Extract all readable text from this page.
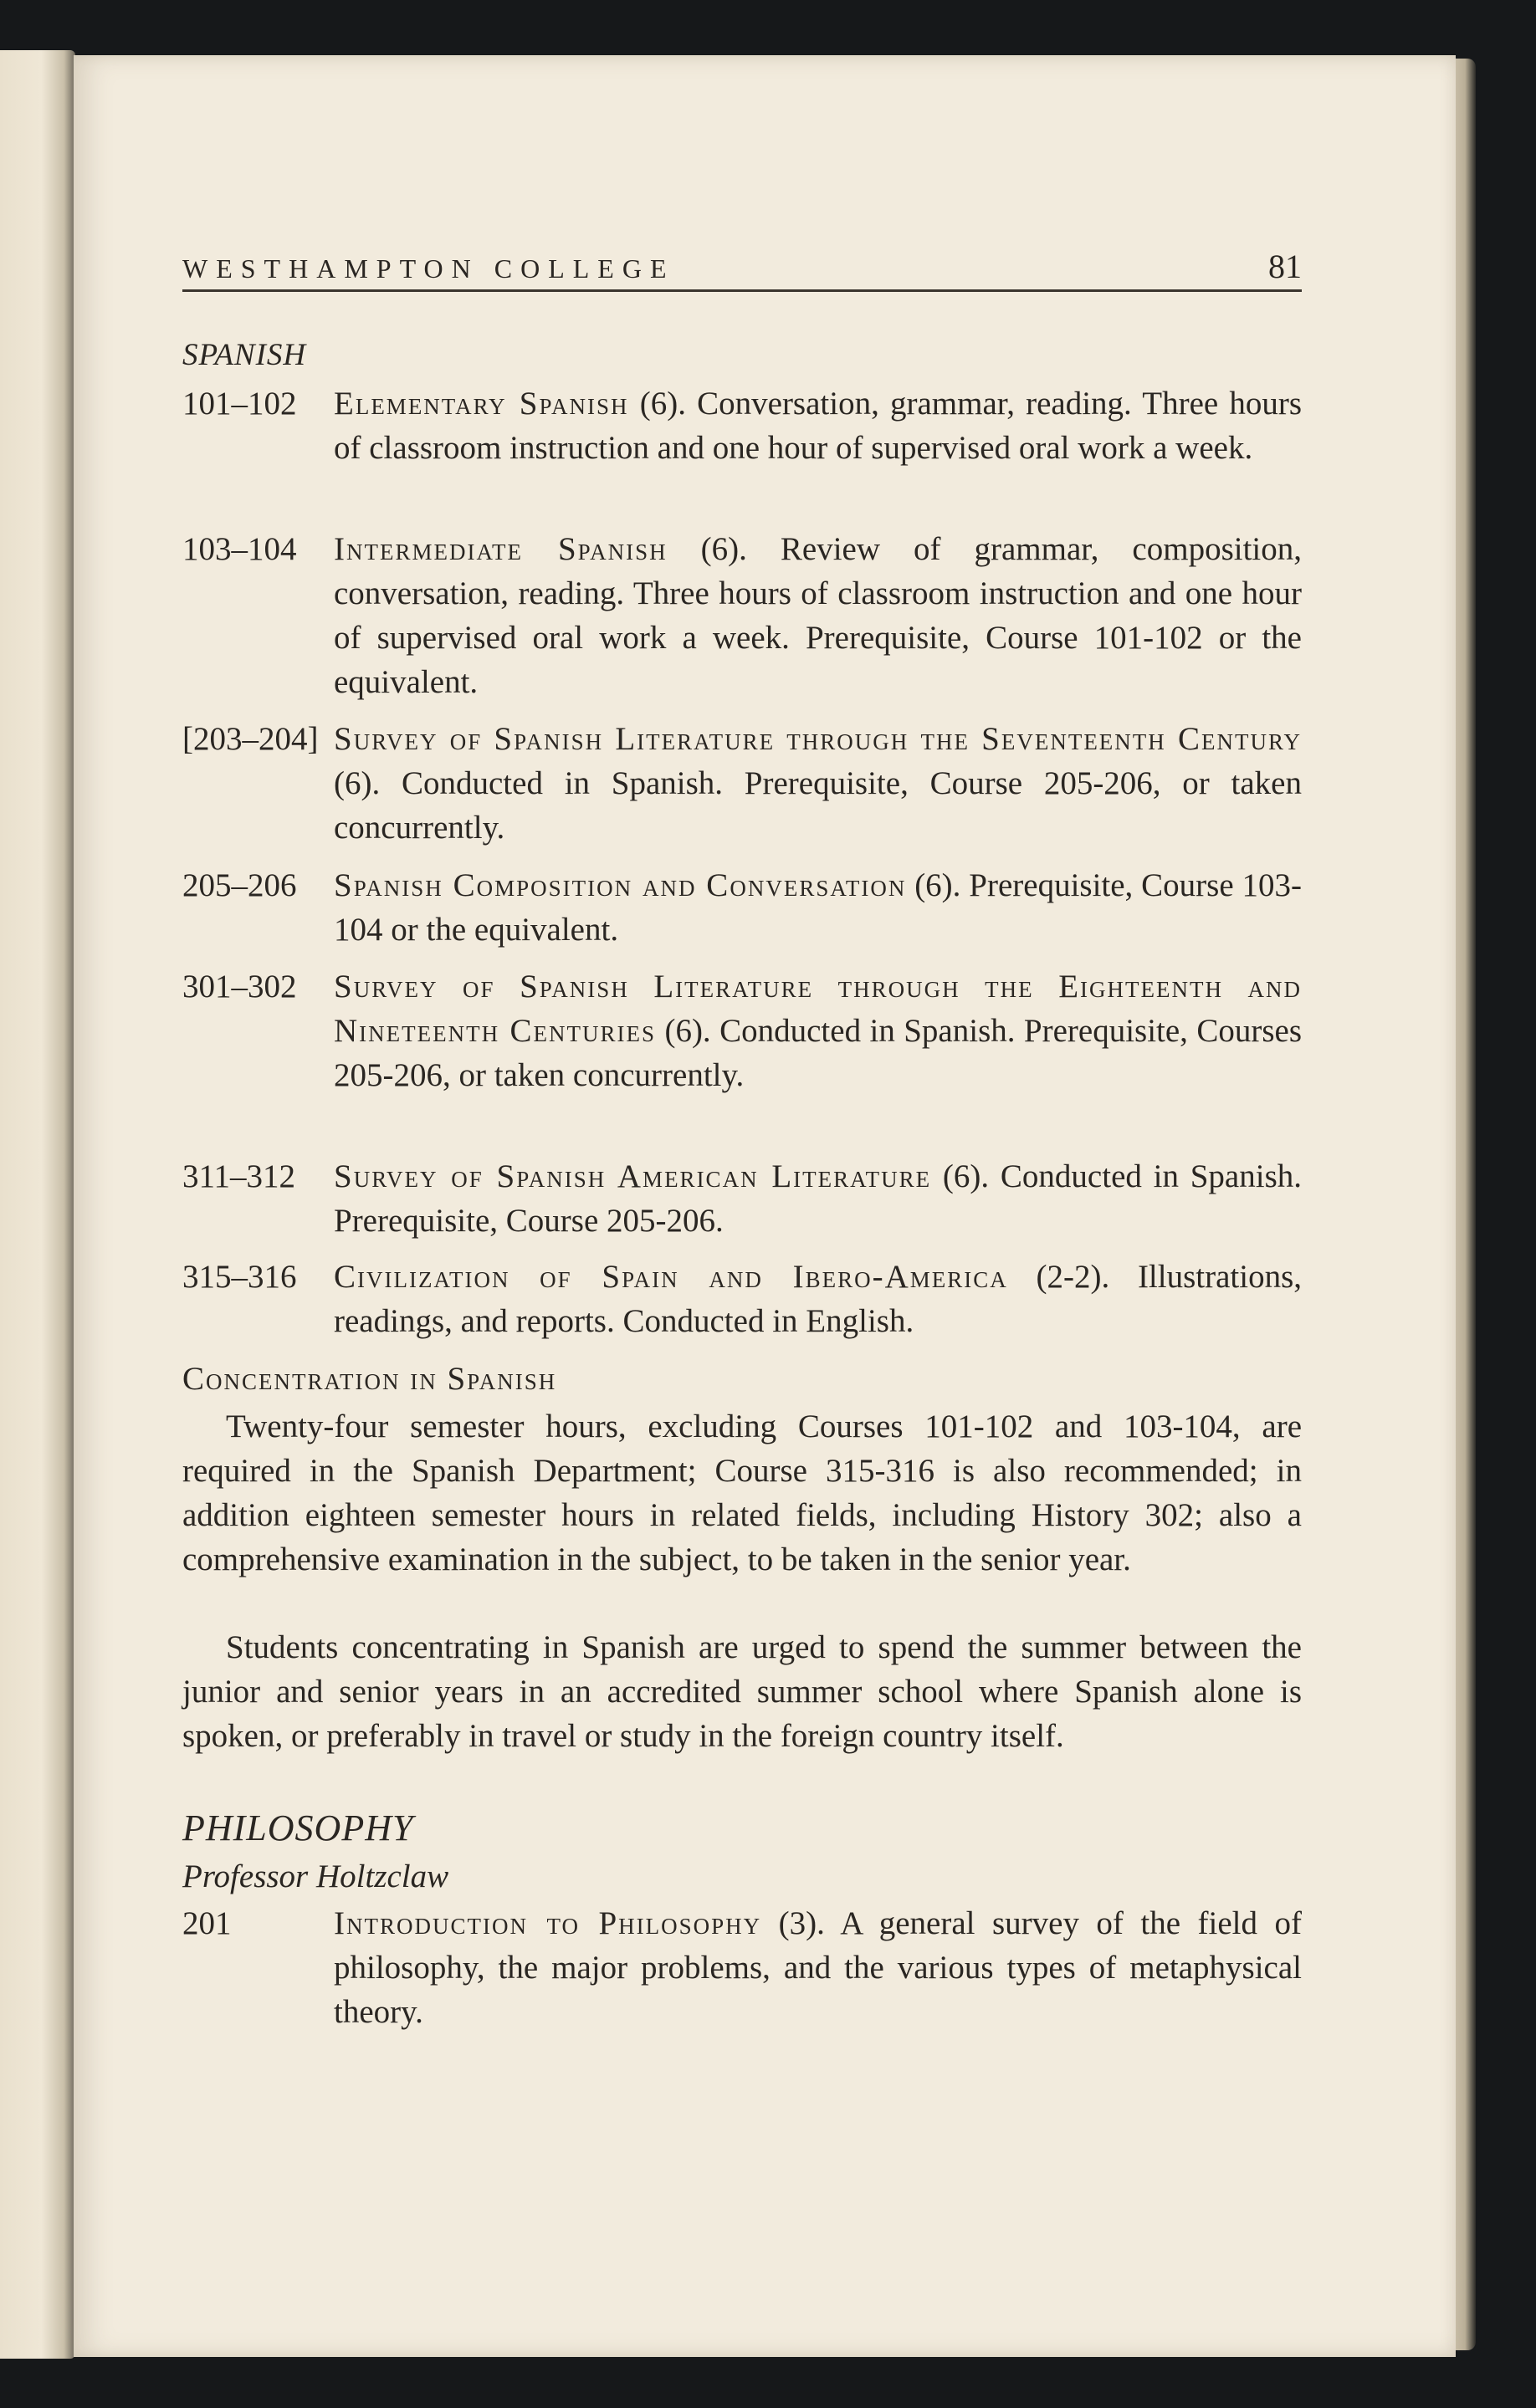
WESTHAMPTON COLLEGE	81
SPANISH
101–102 Elementary Spanish (6). Conversation, grammar, reading. Three hours of classroom instruction and one hour of supervised oral work a week.
103–104 Intermediate Spanish (6). Review of grammar, composition, conversation, reading. Three hours of classroom instruction and one hour of supervised oral work a week. Prerequisite, Course 101-102 or the equivalent.
[203–204] Survey of Spanish Literature through the Seventeenth Century (6). Conducted in Spanish. Prerequisite, Course 205-206, or taken concurrently.
205–206 Spanish Composition and Conversation (6). Prerequisite, Course 103-104 or the equivalent.
301–302 Survey of Spanish Literature through the Eighteenth and Nineteenth Centuries (6). Conducted in Spanish. Prerequisite, Courses 205-206, or taken concurrently.
311–312 Survey of Spanish American Literature (6). Conducted in Spanish. Prerequisite, Course 205-206.
315–316 Civilization of Spain and Ibero-America (2-2). Illustrations, readings, and reports. Conducted in English.
Concentration in Spanish
Twenty-four semester hours, excluding Courses 101-102 and 103-104, are required in the Spanish Department; Course 315-316 is also recommended; in addition eighteen semester hours in related fields, including History 302; also a comprehensive examination in the subject, to be taken in the senior year.
Students concentrating in Spanish are urged to spend the summer between the junior and senior years in an accredited summer school where Spanish alone is spoken, or preferably in travel or study in the foreign country itself.
PHILOSOPHY
Professor Holtzclaw
201	Introduction to Philosophy (3). A general survey of the field of philosophy, the major problems, and the various types of metaphysical theory.
